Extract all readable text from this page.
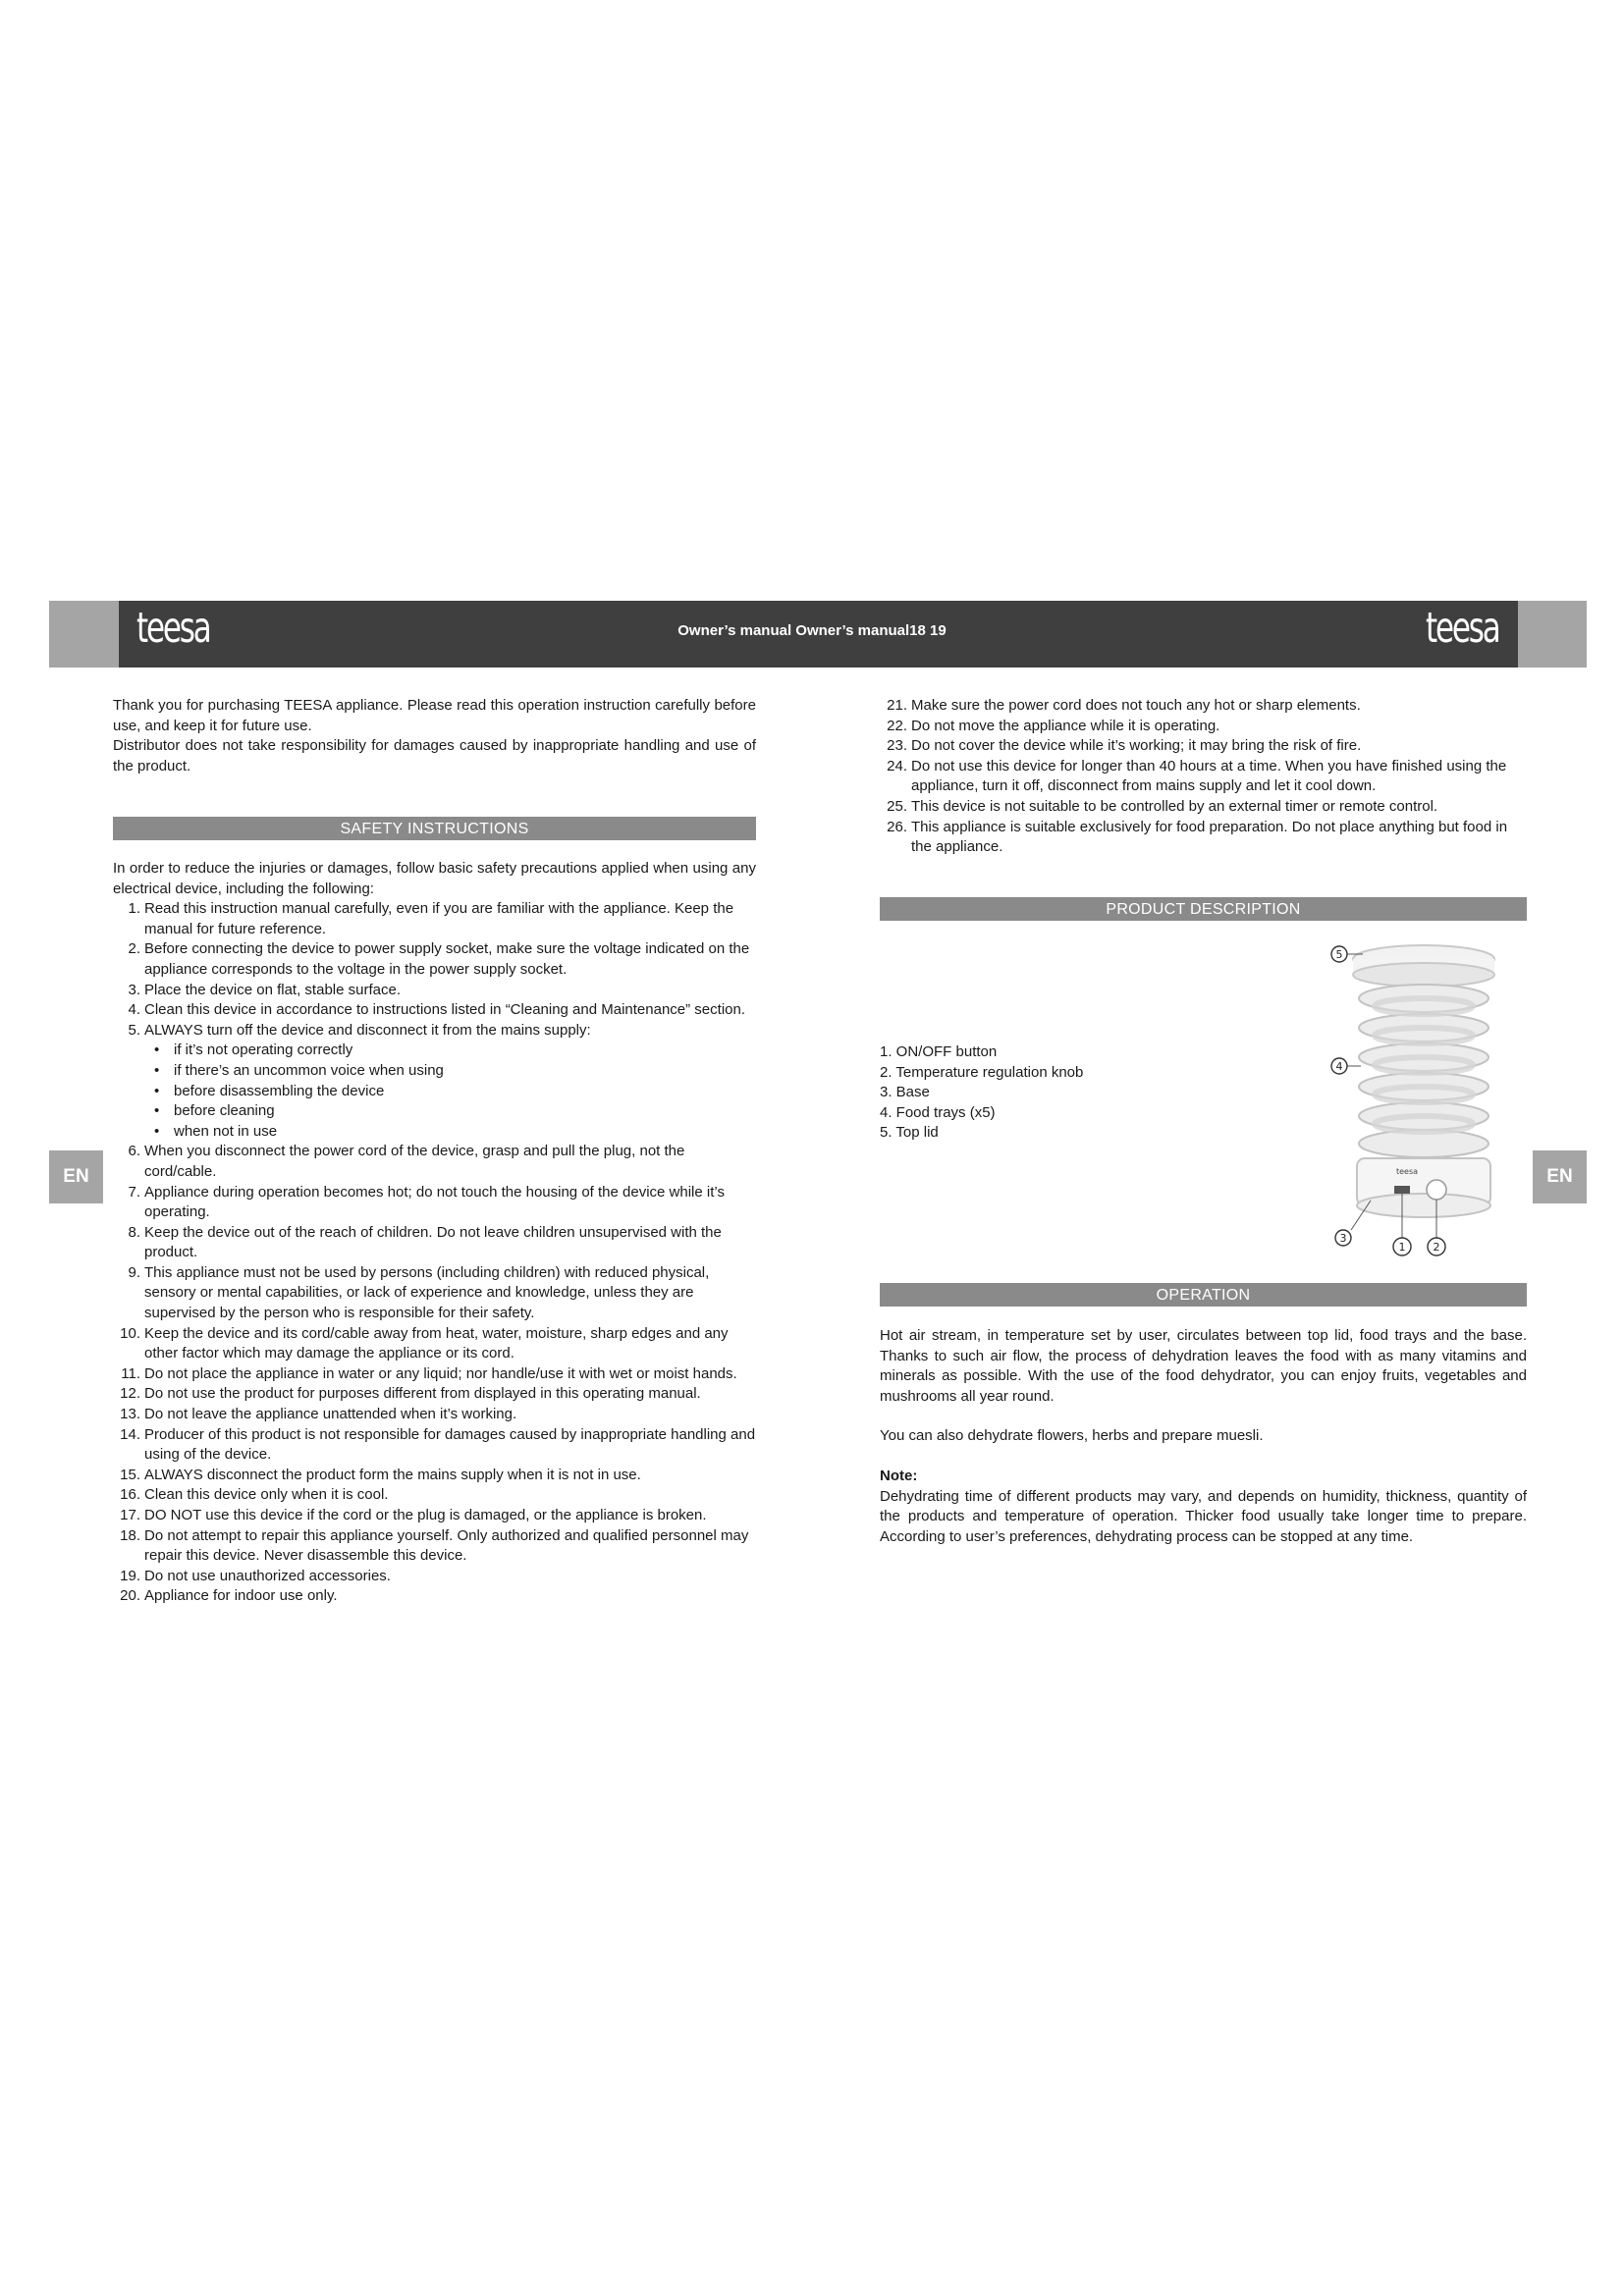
teesa	teesa
Owner’s manual Owner’s manual18 19
EN	EN

Thank you for purchasing TEESA appliance. Please read this operation instruction carefully before use, and keep it for future use.

Distributor does not take responsibility for damages caused by inappropriate handling and use of the product.

SAFETY INSTRUCTIONS

In order to reduce the injuries or damages, follow basic safety precautions applied when using any electrical device, including the following:

1. Read this instruction manual carefully, even if you are familiar with the appliance. Keep the manual for future reference.
2. Before connecting the device to power supply socket, make sure the voltage indicated on the appliance corresponds to the voltage in the power supply socket.
3. Place the device on flat, stable surface.
4. Clean this device in accordance to instructions listed in “Cleaning and Maintenance” section.
5. ALWAYS turn off the device and disconnect it from the mains supply:
• if it’s not operating correctly
• if there’s an uncommon voice when using
• before disassembling the device
• before cleaning
• when not in use
6. When you disconnect the power cord of the device, grasp and pull the plug, not the cord/cable.
7. Appliance during operation becomes hot; do not touch the housing of the device while it’s operating.
8. Keep the device out of the reach of children. Do not leave children unsupervised with the product.
9. This appliance must not be used by persons (including children) with reduced physical, sensory or mental capabilities, or lack of experience and knowledge, unless they are supervised by the person who is responsible for their safety.
10. Keep the device and its cord/cable away from heat, water, moisture, sharp edges and any other factor which may damage the appliance or its cord.
11. Do not place the appliance in water or any liquid; nor handle/use it with wet or moist hands.
12. Do not use the product for purposes different from displayed in this operating manual.
13. Do not leave the appliance unattended when it’s working.
14. Producer of this product is not responsible for damages caused by inappropriate handling and using of the device.
15. ALWAYS disconnect the product form the mains supply when it is not in use.
16. Clean this device only when it is cool.
17. DO NOT use this device if the cord or the plug is damaged, or the appliance is broken.
18. Do not attempt to repair this appliance yourself. Only authorized and qualified personnel may repair this device. Never disassemble this device.
19. Do not use unauthorized accessories.
20. Appliance for indoor use only.
21. Make sure the power cord does not touch any hot or sharp elements.
22. Do not move the appliance while it is operating.
23. Do not cover the device while it’s working; it may bring the risk of fire.
24. Do not use this device for longer than 40 hours at a time. When you have finished using the appliance, turn it off, disconnect from mains supply and let it cool down.
25. This device is not suitable to be controlled by an external timer or remote control.
26. This appliance is suitable exclusively for food preparation. Do not place anything but food in the appliance.
PRODUCT DESCRIPTION

1. ON/OFF button

2. Temperature regulation knob

3. Base

4. Food trays (x5)

5. Top lid

teesa
5
4
3
1	2
OPERATION

Hot air stream, in temperature set by user, circulates between top lid, food trays and the base. Thanks to such air flow, the process of dehydration leaves the food with as many vitamins and minerals as possible. With the use of the food dehydrator, you can enjoy fruits, vegetables and mushrooms all year round.

You can also dehydrate flowers, herbs and prepare muesli.

Note:

Dehydrating time of different products may vary, and depends on humidity, thickness, quantity of the products and temperature of operation. Thicker food usually take longer time to prepare. According to user’s preferences, dehydrating process can be stopped at any time.
